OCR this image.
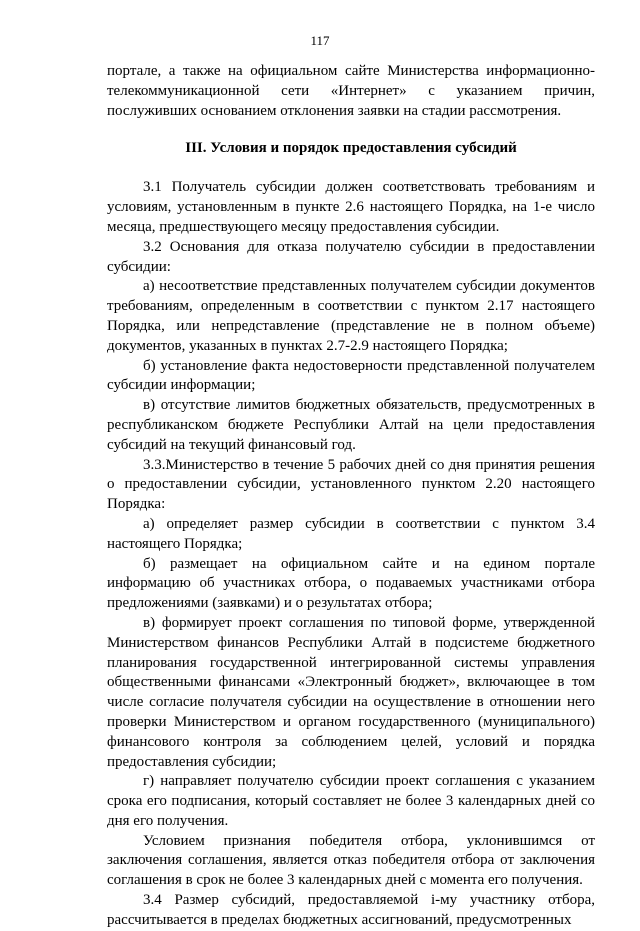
117

порталe, а также на официальном сайте Министерства информационно-телекоммуникационной сети «Интернет» с указанием причин, послуживших основанием отклонения заявки на стадии рассмотрения.

III. Условия и порядок предоставления субсидий

3.1 Получатель субсидии должен соответствовать требованиям и условиям, установленным в пункте 2.6 настоящего Порядка, на 1-е число месяца, предшествующего месяцу предоставления субсидии.

3.2 Основания для отказа получателю субсидии в предоставлении субсидии:

а) несоответствие представленных получателем субсидии документов требованиям, определенным в соответствии с пунктом 2.17 настоящего Порядка, или непредставление (представление не в полном объеме) документов, указанных в пунктах 2.7-2.9 настоящего Порядка;

б) установление факта недостоверности представленной получателем субсидии информации;

в) отсутствие лимитов бюджетных обязательств, предусмотренных в республиканском бюджете Республики Алтай на цели предоставления субсидий на текущий финансовый год.

3.3.Министерство в течение 5 рабочих дней со дня принятия решения о предоставлении субсидии, установленного пунктом 2.20 настоящего Порядка:

а) определяет размер субсидии в соответствии с пунктом 3.4 настоящего Порядка;

б) размещает на официальном сайте и на едином портале информацию об участниках отбора, о подаваемых участниками отбора предложениями (заявками) и о результатах отбора;

в) формирует проект соглашения по типовой форме, утвержденной Министерством финансов Республики Алтай в подсистеме бюджетного планирования государственной интегрированной системы управления общественными финансами «Электронный бюджет», включающее в том числе согласие получателя субсидии на осуществление в отношении него проверки Министерством и органом государственного (муниципального) финансового контроля за соблюдением целей, условий и порядка предоставления субсидии;

г) направляет получателю субсидии проект соглашения с указанием срока его подписания, который составляет не более 3 календарных дней со дня его получения.

Условием признания победителя отбора, уклонившимся от заключения соглашения, является отказ победителя отбора от заключения соглашения в срок не более 3 календарных дней с момента его получения.

3.4 Размер субсидий, предоставляемой i-му участнику отбора, рассчитывается в пределах бюджетных ассигнований, предусмотренных
